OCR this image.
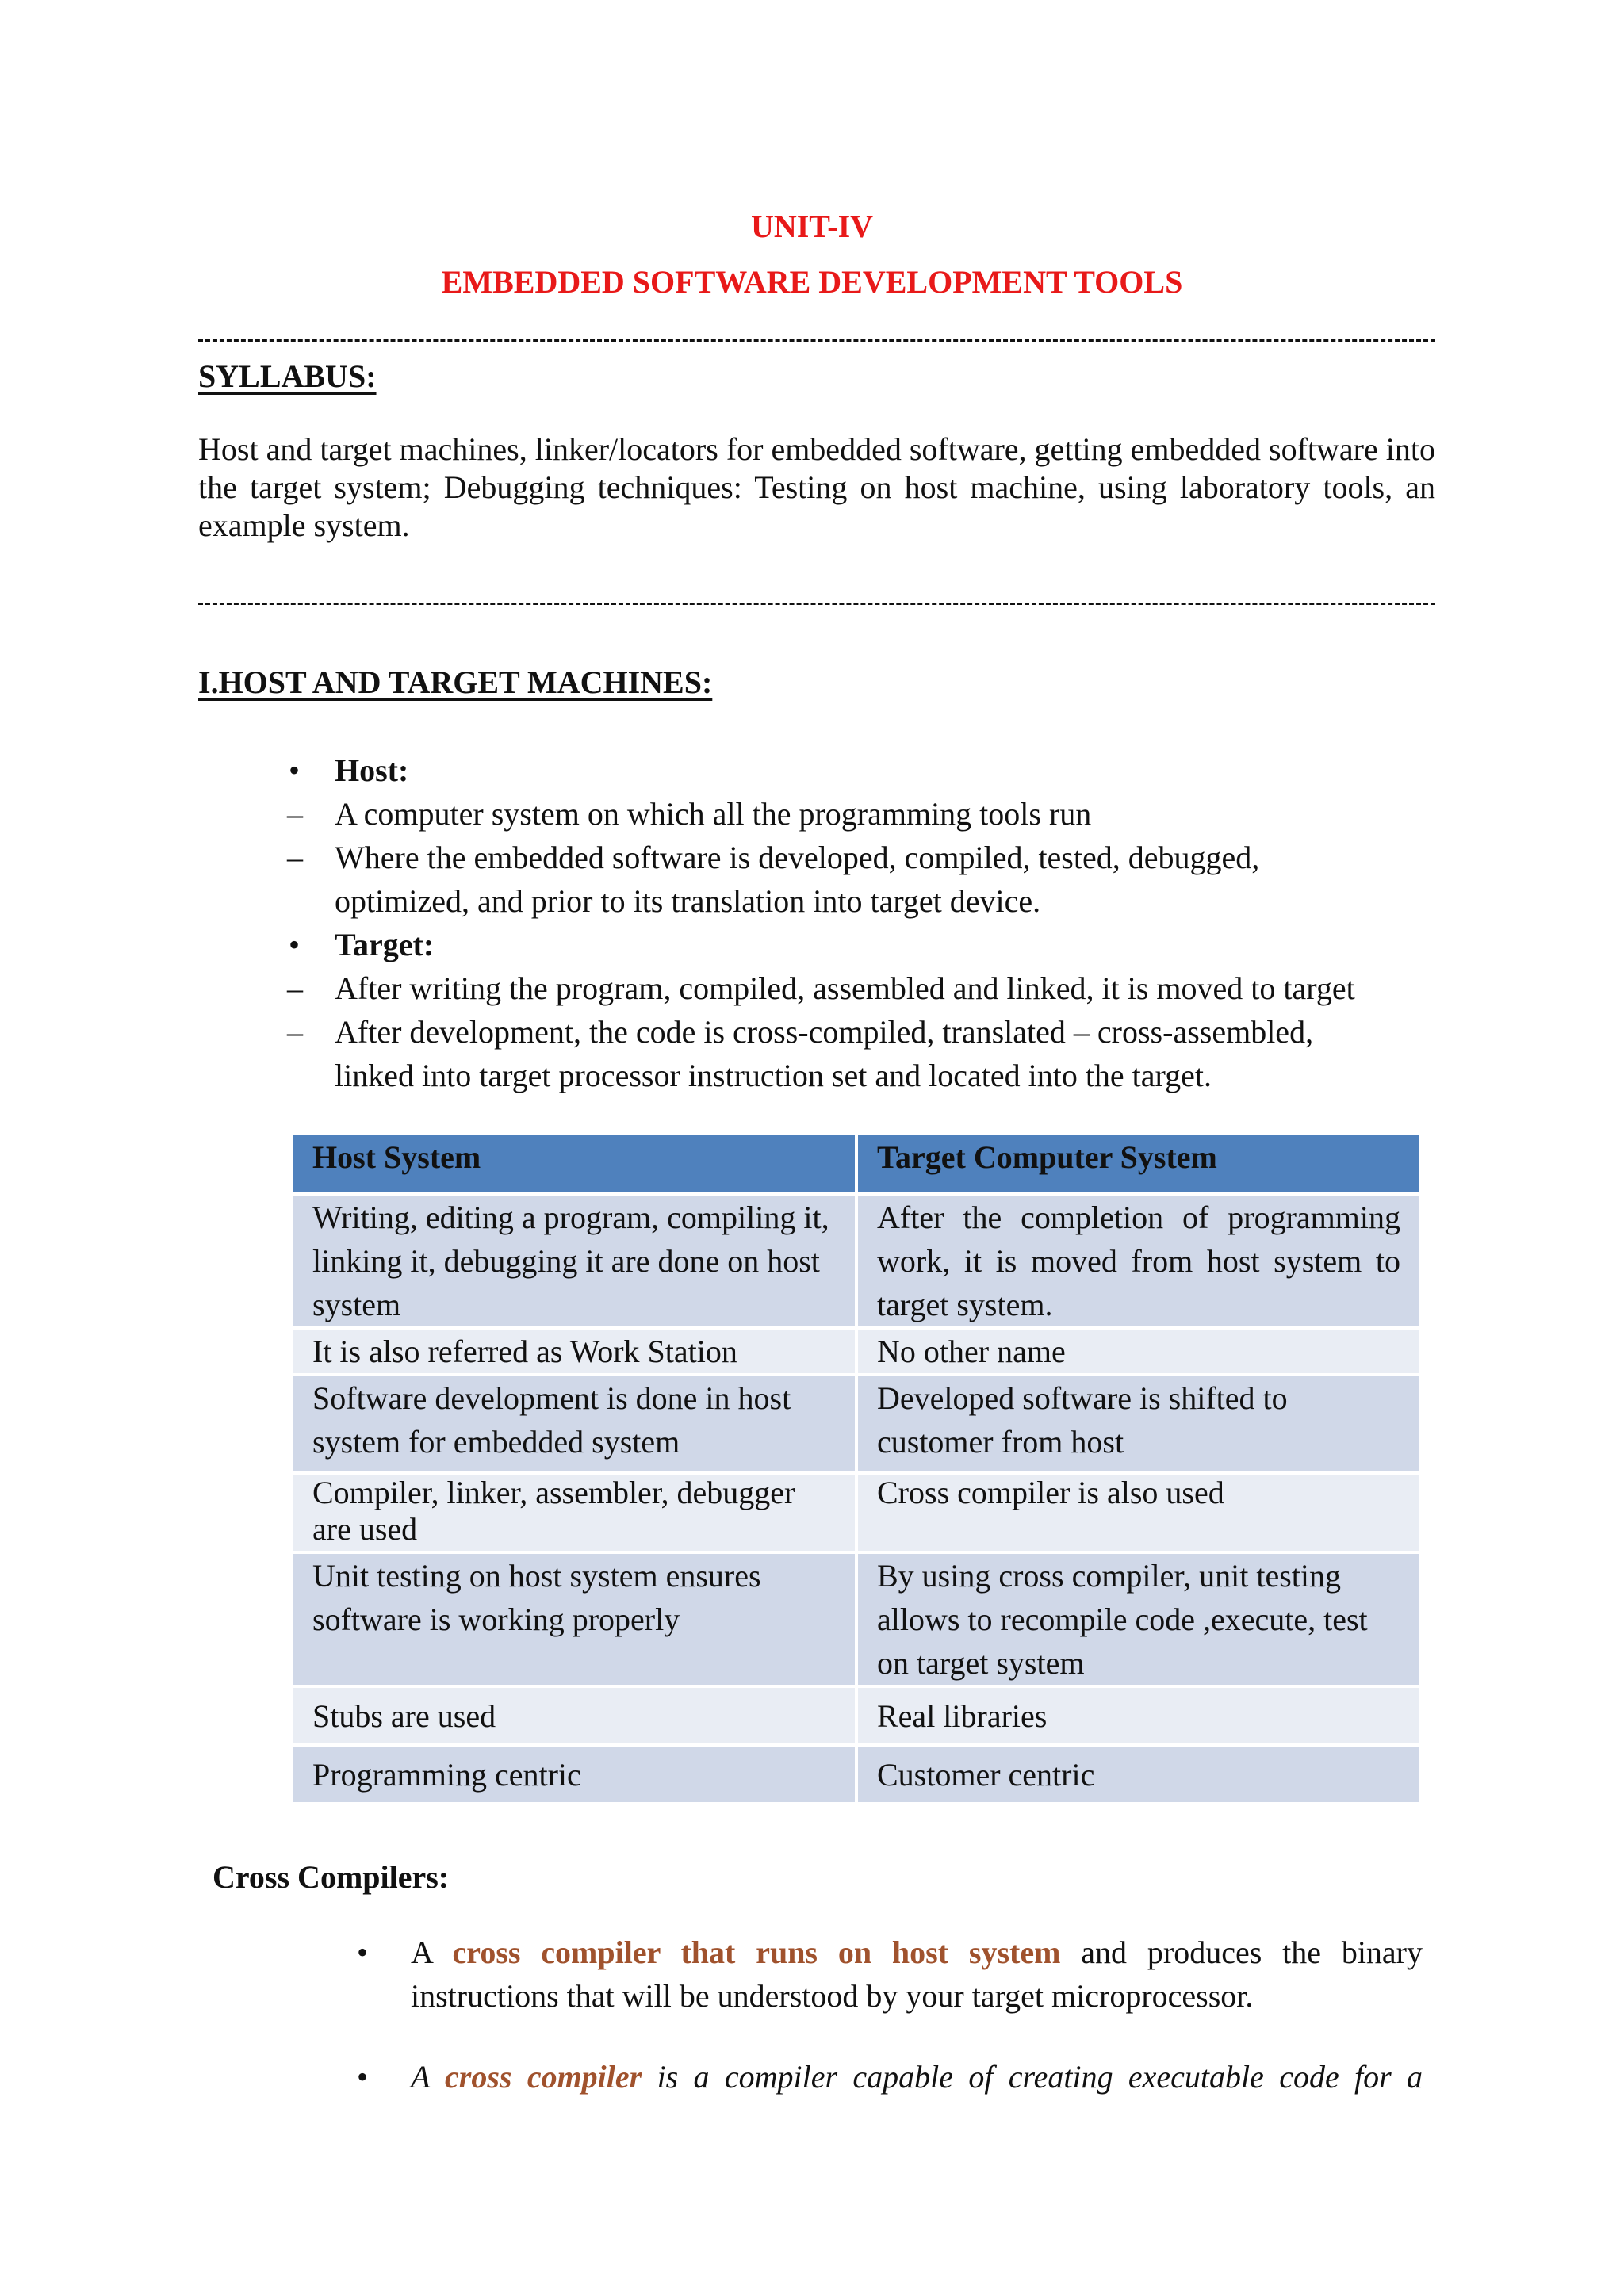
UNIT-IV
EMBEDDED SOFTWARE DEVELOPMENT TOOLS
SYLLABUS:
Host and target machines, linker/locators for embedded software, getting embedded software into the target system; Debugging techniques: Testing on host machine, using laboratory tools, an example system.
I.HOST AND TARGET MACHINES:
• Host:
– A computer system on which all the programming tools run
– Where the embedded software is developed, compiled, tested, debugged,
optimized, and prior to its translation into target device.
• Target:
– After writing the program, compiled, assembled and linked, it is moved to target
– After development, the code is cross-compiled, translated – cross-assembled,
linked into target processor instruction set and located into the target.
Host System	Target Computer System
Writing, editing a program, compiling it, linking it, debugging it are done on host system	After the completion of programming work, it is moved from host system to target system.
It is also referred as Work Station	No other name
Software development is done in host system for embedded system	Developed software is shifted to customer from host
Compiler, linker, assembler, debugger are used	Cross compiler is also used
Unit testing on host system ensures software is working properly	By using cross compiler, unit testing allows to recompile code ,execute, test on target system
Stubs are used	Real libraries
Programming centric	Customer centric
Cross Compilers:
• A cross compiler that runs on host system and produces the binary
instructions that will be understood by your target microprocessor.
• A cross compiler is a compiler capable of creating executable code for a
